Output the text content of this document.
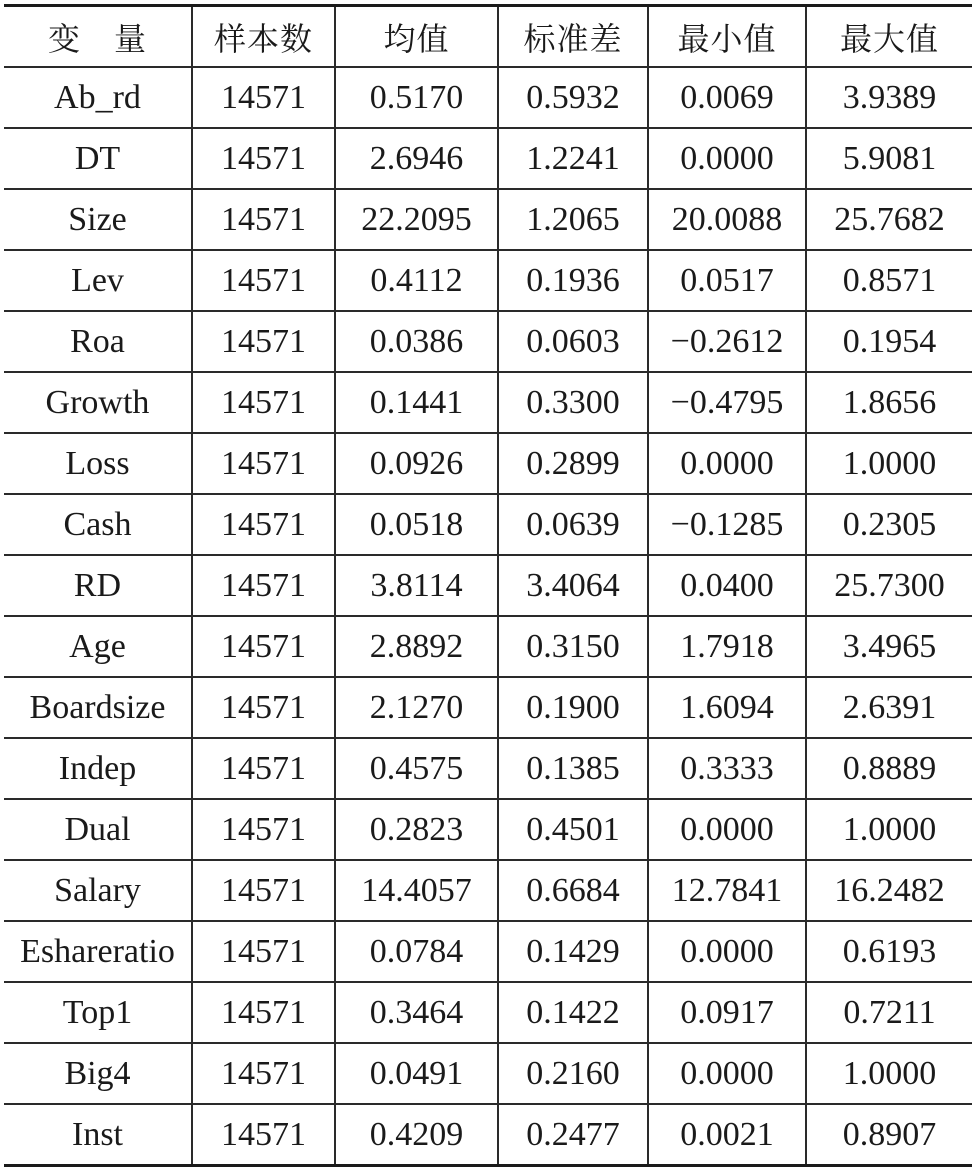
变　量	样本数	均值	标准差	最小值	最大值
Ab_rd	14571	0.5170	0.5932	0.0069	3.9389
DT	14571	2.6946	1.2241	0.0000	5.9081
Size	14571	22.2095	1.2065	20.0088	25.7682
Lev	14571	0.4112	0.1936	0.0517	0.8571
Roa	14571	0.0386	0.0603	−0.2612	0.1954
Growth	14571	0.1441	0.3300	−0.4795	1.8656
Loss	14571	0.0926	0.2899	0.0000	1.0000
Cash	14571	0.0518	0.0639	−0.1285	0.2305
RD	14571	3.8114	3.4064	0.0400	25.7300
Age	14571	2.8892	0.3150	1.7918	3.4965
Boardsize	14571	2.1270	0.1900	1.6094	2.6391
Indep	14571	0.4575	0.1385	0.3333	0.8889
Dual	14571	0.2823	0.4501	0.0000	1.0000
Salary	14571	14.4057	0.6684	12.7841	16.2482
Eshareratio	14571	0.0784	0.1429	0.0000	0.6193
Top1	14571	0.3464	0.1422	0.0917	0.7211
Big4	14571	0.0491	0.2160	0.0000	1.0000
Inst	14571	0.4209	0.2477	0.0021	0.8907
